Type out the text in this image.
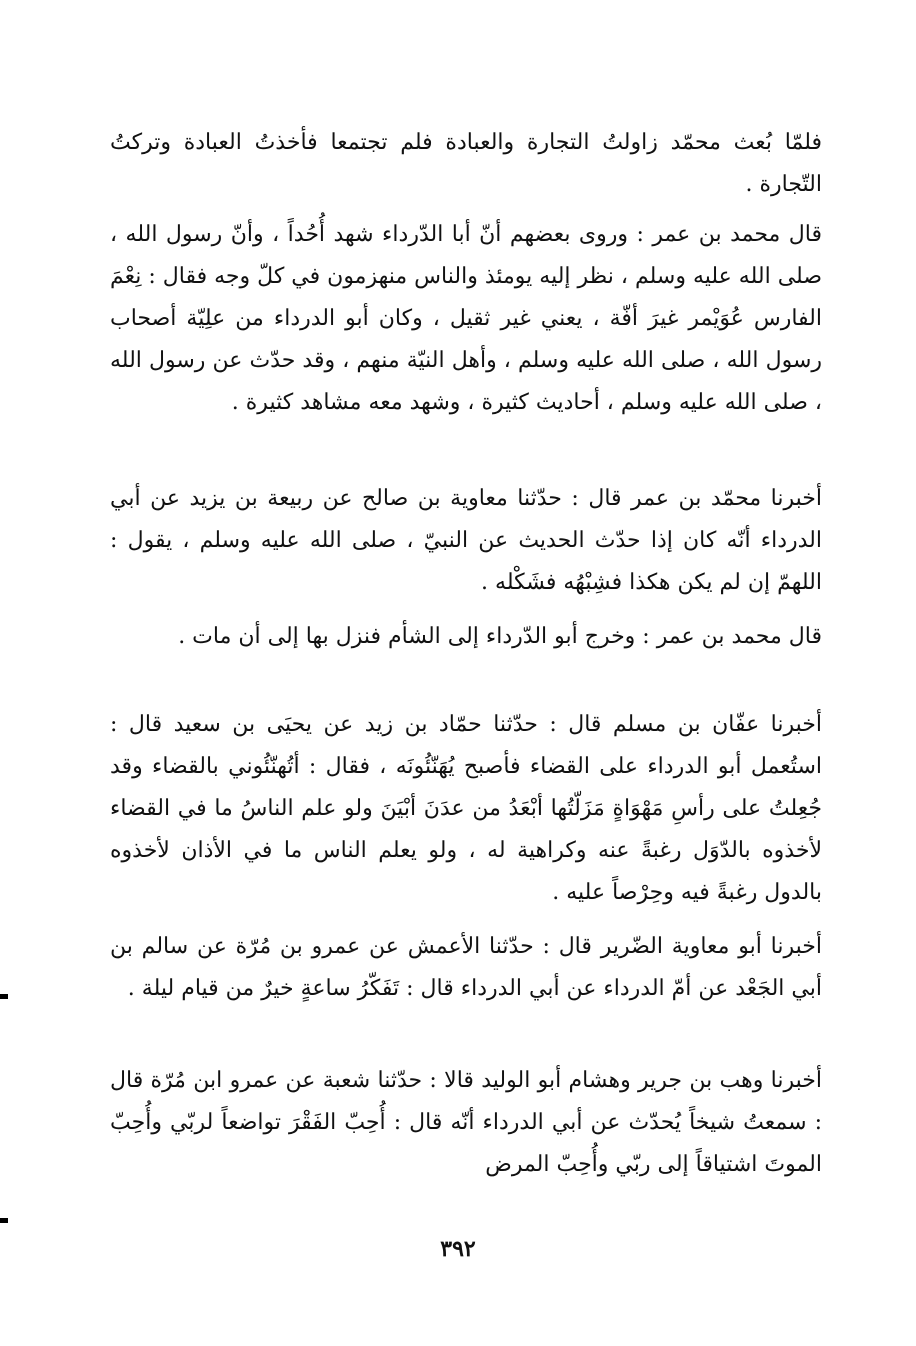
فلمّا بُعث محمّد زاولتُ التجارة والعبادة فلم تجتمعا فأخذتُ العبادة وتركتُ التّجارة .
قال محمد بن عمر : وروى بعضهم أنّ أبا الدّرداء شهد أُحُداً ، وأنّ رسول الله ، صلى الله عليه وسلم ، نظر إليه يومئذ والناس منهزمون في كلّ وجه فقال : نِعْمَ الفارس عُوَيْمر غيرَ أفّة ، يعني غير ثقيل ، وكان أبو الدرداء من علِيّة أصحاب رسول الله ، صلى الله عليه وسلم ، وأهل النيّة منهم ، وقد حدّث عن رسول الله ، صلى الله عليه وسلم ، أحاديث كثيرة ، وشهد معه مشاهد كثيرة .
أخبرنا محمّد بن عمر قال : حدّثنا معاوية بن صالح عن ربيعة بن يزيد عن أبي الدرداء أنّه كان إذا حدّث الحديث عن النبيّ ، صلى الله عليه وسلم ، يقول : اللهمّ إن لم يكن هكذا فشِبْهُه فشَكْله .
قال محمد بن عمر : وخرج أبو الدّرداء إلى الشأم فنزل بها إلى أن مات .
أخبرنا عفّان بن مسلم قال : حدّثنا حمّاد بن زيد عن يحيَى بن سعيد قال : استُعمل أبو الدرداء على القضاء فأصبح يُهَنّئُونَه ، فقال : أتُهنّئُوني بالقضاء وقد جُعِلتُ على رأسِ مَهْوَاةٍ مَزَلّتُها أبْعَدُ من عدَنَ أبْيَنَ ولو علم الناسُ ما في القضاء لأخذوه بالدّوَل رغبةً عنه وكراهية له ، ولو يعلم الناس ما في الأذان لأخذوه بالدول رغبةً فيه وحِرْصاً عليه .
أخبرنا أبو معاوية الضّرير قال : حدّثنا الأعمش عن عمرو بن مُرّة عن سالم بن أبي الجَعْد عن أمّ الدرداء عن أبي الدرداء قال : تَفَكّرُ ساعةٍ خيرٌ من قيام ليلة .
أخبرنا وهب بن جرير وهشام أبو الوليد قالا : حدّثنا شعبة عن عمرو ابن مُرّة قال : سمعتُ شيخاً يُحدّث عن أبي الدرداء أنّه قال : أُحِبّ الفَقْرَ تواضعاً لربّي وأُحِبّ الموتَ اشتياقاً إلى ربّي وأُحِبّ المرض
٣٩٢
